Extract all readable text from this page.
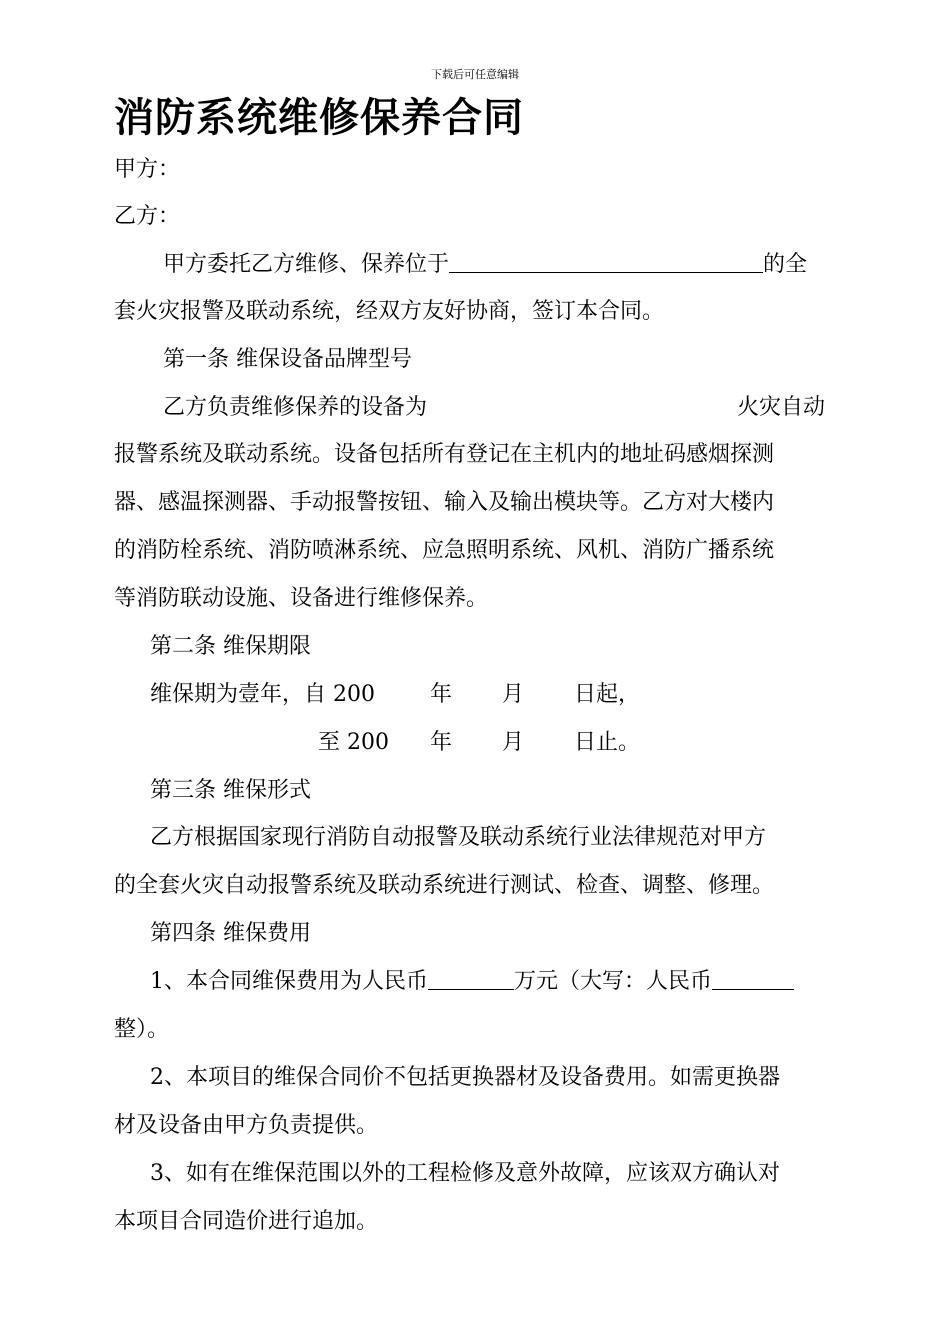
下载后可任意编辑
消防系统维修保养合同
甲方：
乙方：
甲方委托乙方维修、保养位于	的全
套火灾报警及联动系统，经双方友好协商，签订本合同。
第一条 维保设备品牌型号
乙方负责维修保养的设备为	火灾自动
报警系统及联动系统。设备包括所有登记在主机内的地址码感烟探测
器、感温探测器、手动报警按钮、输入及输出模块等。乙方对大楼内
的消防栓系统、消防喷淋系统、应急照明系统、风机、消防广播系统
等消防联动设施、设备进行维修保养。
第二条 维保期限
维保期为壹年，自 200	年 月 日起，
至 200 年 月 日止。
第三条 维保形式
乙方根据国家现行消防自动报警及联动系统行业法律规范对甲方
的全套火灾自动报警系统及联动系统进行测试、检查、调整、修理。
第四条 维保费用
1、本合同维保费用为人民币	万元（大写：人民币
整）。
2、本项目的维保合同价不包括更换器材及设备费用。如需更换器
材及设备由甲方负责提供。
3、如有在维保范围以外的工程检修及意外故障，应该双方确认对
本项目合同造价进行追加。
